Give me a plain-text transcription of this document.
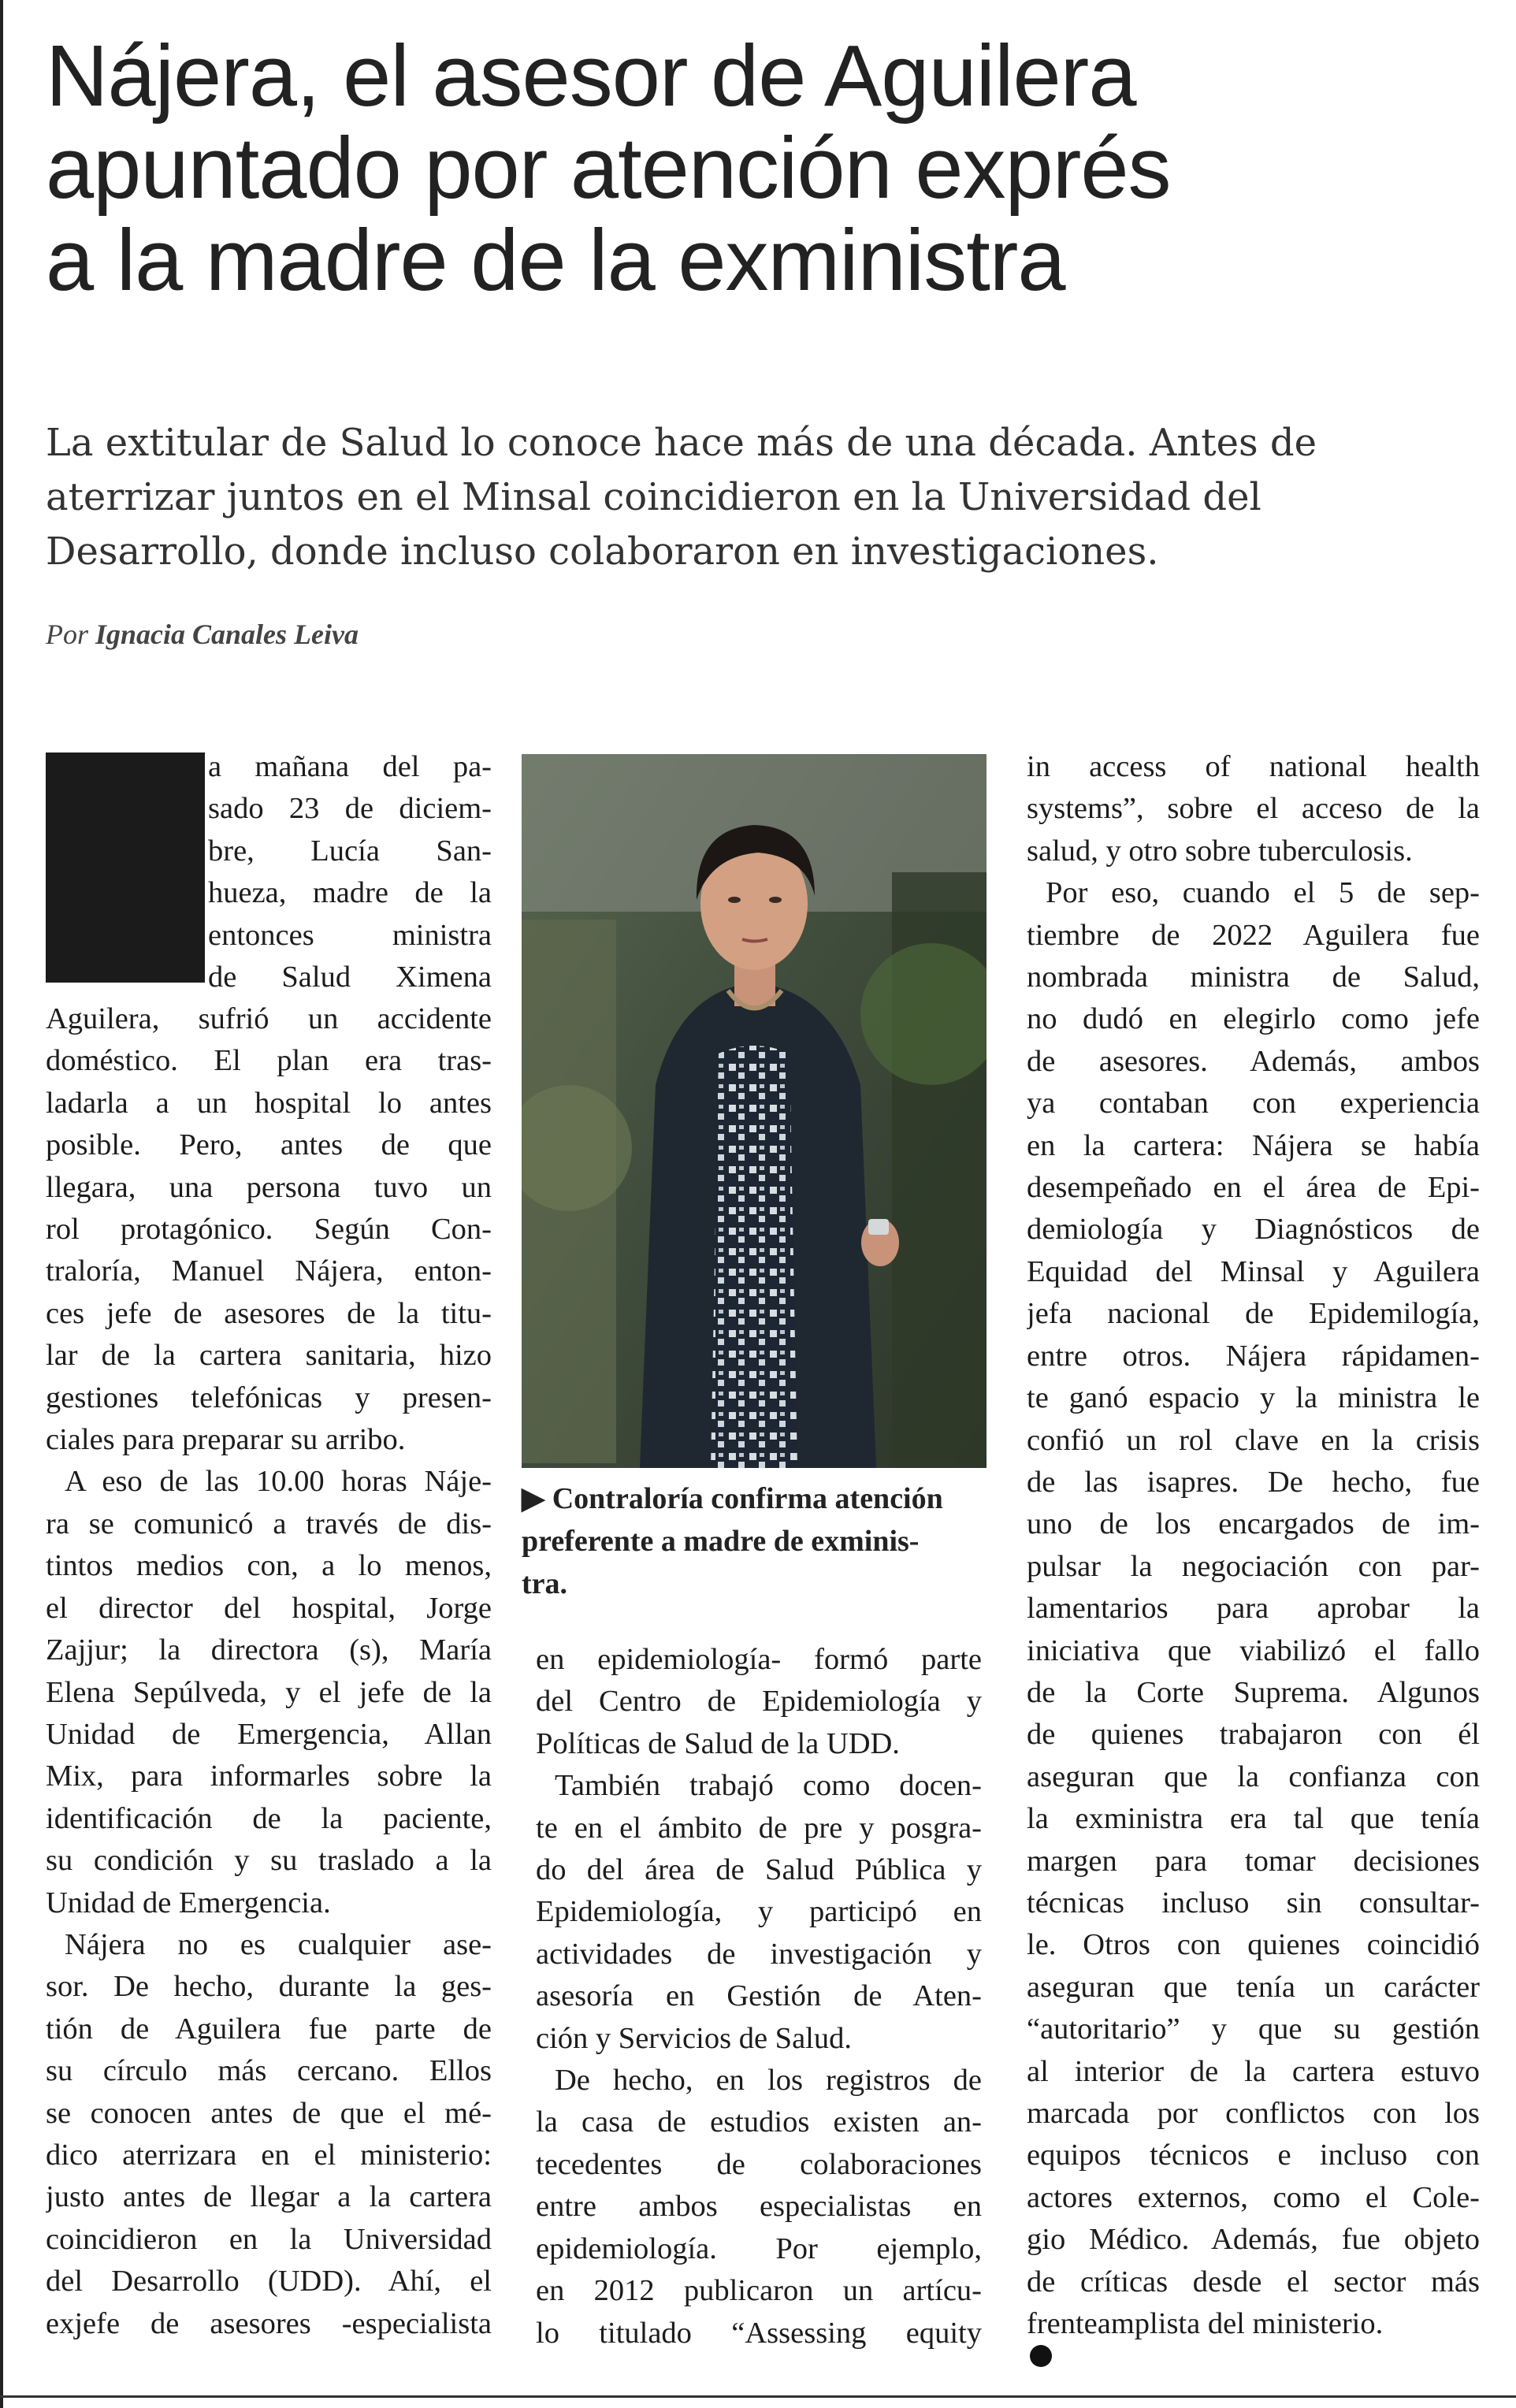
Nájera, el asesor de Aguilera
apuntado por atención exprés
a la madre de la exministra
La extitular de Salud lo conoce hace más de una década. Antes de
aterrizar juntos en el Minsal coincidieron en la Universidad del
Desarrollo, donde incluso colaboraron en investigaciones.
Por Ignacia Canales Leiva
L a mañana del pa-
sado 23 de diciem-
bre, Lucía San-
hueza, madre de la
entonces ministra
de Salud Ximena
Aguilera, sufrió un accidente
doméstico. El plan era tras-
ladarla a un hospital lo antes
posible. Pero, antes de que
llegara, una persona tuvo un
rol protagónico. Según Con-
traloría, Manuel Nájera, enton-
ces jefe de asesores de la titu-
lar de la cartera sanitaria, hizo
gestiones telefónicas y presen-
ciales para preparar su arribo.
A eso de las 10.00 horas Náje-
ra se comunicó a través de dis-
tintos medios con, a lo menos,
el director del hospital, Jorge
Zajjur; la directora (s), María
Elena Sepúlveda, y el jefe de la
Unidad de Emergencia, Allan
Mix, para informarles sobre la
identificación de la paciente,
su condición y su traslado a la
Unidad de Emergencia.
Nájera no es cualquier ase-
sor. De hecho, durante la ges-
tión de Aguilera fue parte de
su círculo más cercano. Ellos
se conocen antes de que el mé-
dico aterrizara en el ministerio:
justo antes de llegar a la cartera
coincidieron en la Universidad
del Desarrollo (UDD). Ahí, el
exjefe de asesores -especialista
▶ Contraloría confirma atención
preferente a madre de exminis-
tra.
en epidemiología- formó parte
del Centro de Epidemiología y
Políticas de Salud de la UDD.
También trabajó como docen-
te en el ámbito de pre y posgra-
do del área de Salud Pública y
Epidemiología, y participó en
actividades de investigación y
asesoría en Gestión de Aten-
ción y Servicios de Salud.
De hecho, en los registros de
la casa de estudios existen an-
tecedentes de colaboraciones
entre ambos especialistas en
epidemiología. Por ejemplo,
en 2012 publicaron un artícu-
lo titulado “Assessing equity
in access of national health
systems”, sobre el acceso de la
salud, y otro sobre tuberculosis.
Por eso, cuando el 5 de sep-
tiembre de 2022 Aguilera fue
nombrada ministra de Salud,
no dudó en elegirlo como jefe
de asesores. Además, ambos
ya contaban con experiencia
en la cartera: Nájera se había
desempeñado en el área de Epi-
demiología y Diagnósticos de
Equidad del Minsal y Aguilera
jefa nacional de Epidemilogía,
entre otros. Nájera rápidamen-
te ganó espacio y la ministra le
confió un rol clave en la crisis
de las isapres. De hecho, fue
uno de los encargados de im-
pulsar la negociación con par-
lamentarios para aprobar la
iniciativa que viabilizó el fallo
de la Corte Suprema. Algunos
de quienes trabajaron con él
aseguran que la confianza con
la exministra era tal que tenía
margen para tomar decisiones
técnicas incluso sin consultar-
le. Otros con quienes coincidió
aseguran que tenía un carácter
“autoritario” y que su gestión
al interior de la cartera estuvo
marcada por conflictos con los
equipos técnicos e incluso con
actores externos, como el Cole-
gio Médico. Además, fue objeto
de críticas desde el sector más
frenteamplista del ministerio.
